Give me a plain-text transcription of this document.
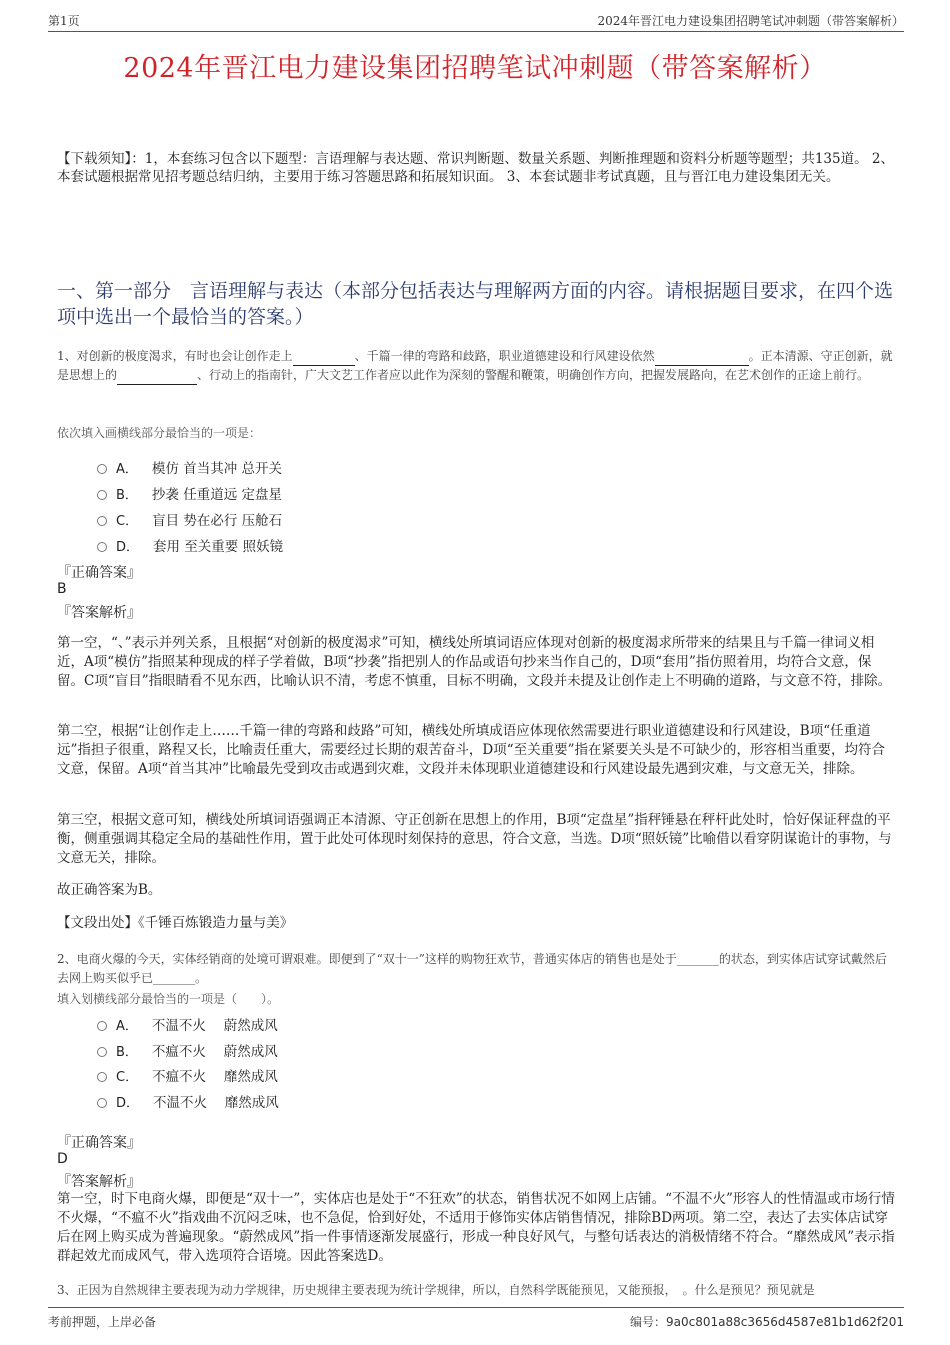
第1页	2024年晋江电力建设集团招聘笔试冲刺题（带答案解析）
2024年晋江电力建设集团招聘笔试冲刺题（带答案解析）
【下载须知】：1，本套练习包含以下题型：言语理解与表达题、常识判断题、数量关系题、判断推理题和资料分析题等题型；共135道。 2、本套试题根据常见招考题总结归纳，主要用于练习答题思路和拓展知识面。 3、本套试题非考试真题，且与晋江电力建设集团无关。
一、第一部分　言语理解与表达（本部分包括表达与理解两方面的内容。请根据题目要求，在四个选项中选出一个最恰当的答案。）
1、对创新的极度渴求，有时也会让创作走上	、千篇一律的弯路和歧路，职业道德建设和行风建设依然	。正本清源、守正创新，就是思想上的	、行动上的指南针，广大文艺工作者应以此作为深刻的警醒和鞭策，明确创作方向，把握发展路向，在艺术创作的正途上前行。
依次填入画横线部分最恰当的一项是：
A． 模仿 首当其冲 总开关
B． 抄袭 任重道远 定盘星
C． 盲目 势在必行 压舱石
D． 套用 至关重要 照妖镜
『正确答案』
B
『答案解析』
第一空，“、”表示并列关系，且根据“对创新的极度渴求”可知，横线处所填词语应体现对创新的极度渴求所带来的结果且与千篇一律词义相近，A项“模仿”指照某种现成的样子学着做，B项“抄袭”指把别人的作品或语句抄来当作自己的，D项“套用”指仿照着用，均符合文意，保留。C项“盲目”指眼睛看不见东西，比喻认识不清，考虑不慎重，目标不明确，文段并未提及让创作走上不明确的道路，与文意不符，排除。
第二空，根据“让创作走上……千篇一律的弯路和歧路”可知，横线处所填成语应体现依然需要进行职业道德建设和行风建设，B项“任重道远”指担子很重，路程又长，比喻责任重大，需要经过长期的艰苦奋斗，D项“至关重要”指在紧要关头是不可缺少的，形容相当重要，均符合文意，保留。A项“首当其冲”比喻最先受到攻击或遇到灾难，文段并未体现职业道德建设和行风建设最先遇到灾难，与文意无关，排除。
第三空，根据文意可知，横线处所填词语强调正本清源、守正创新在思想上的作用，B项“定盘星”指秤锤悬在秤杆此处时，恰好保证秤盘的平衡，侧重强调其稳定全局的基础性作用，置于此处可体现时刻保持的意思，符合文意，当选。D项“照妖镜”比喻借以看穿阴谋诡计的事物，与文意无关，排除。
故正确答案为B。
【文段出处】《千锤百炼锻造力量与美》
2、电商火爆的今天，实体经销商的处境可谓艰难。即便到了“双十一”这样的购物狂欢节，普通实体店的销售也是处于_______的状态，到实体店试穿试戴然后去网上购买似乎已_______。
填入划横线部分最恰当的一项是（　　）。
A． 不温不火　 蔚然成风
B． 不瘟不火　 蔚然成风
C． 不瘟不火　 靡然成风
D． 不温不火　 靡然成风
『正确答案』
D
『答案解析』
第一空，时下电商火爆，即便是“双十一”，实体店也是处于“不狂欢”的状态，销售状况不如网上店铺。“不温不火”形容人的性情温或市场行情不火爆，“不瘟不火”指戏曲不沉闷乏味，也不急促，恰到好处，不适用于修饰实体店销售情况，排除BD两项。第二空，表达了去实体店试穿后在网上购买成为普遍现象。“蔚然成风”指一件事情逐渐发展盛行，形成一种良好风气，与整句话表达的消极情绪不符合。“靡然成风”表示指群起效尤而成风气，带入选项符合语境。因此答案选D。
3、正因为自然规律主要表现为动力学规律，历史规律主要表现为统计学规律，所以，自然科学既能预见，又能预报，　。什么是预见？预见就是
考前押题，上岸必备	编号：9a0c801a88c3656d4587e81b1d62f201
